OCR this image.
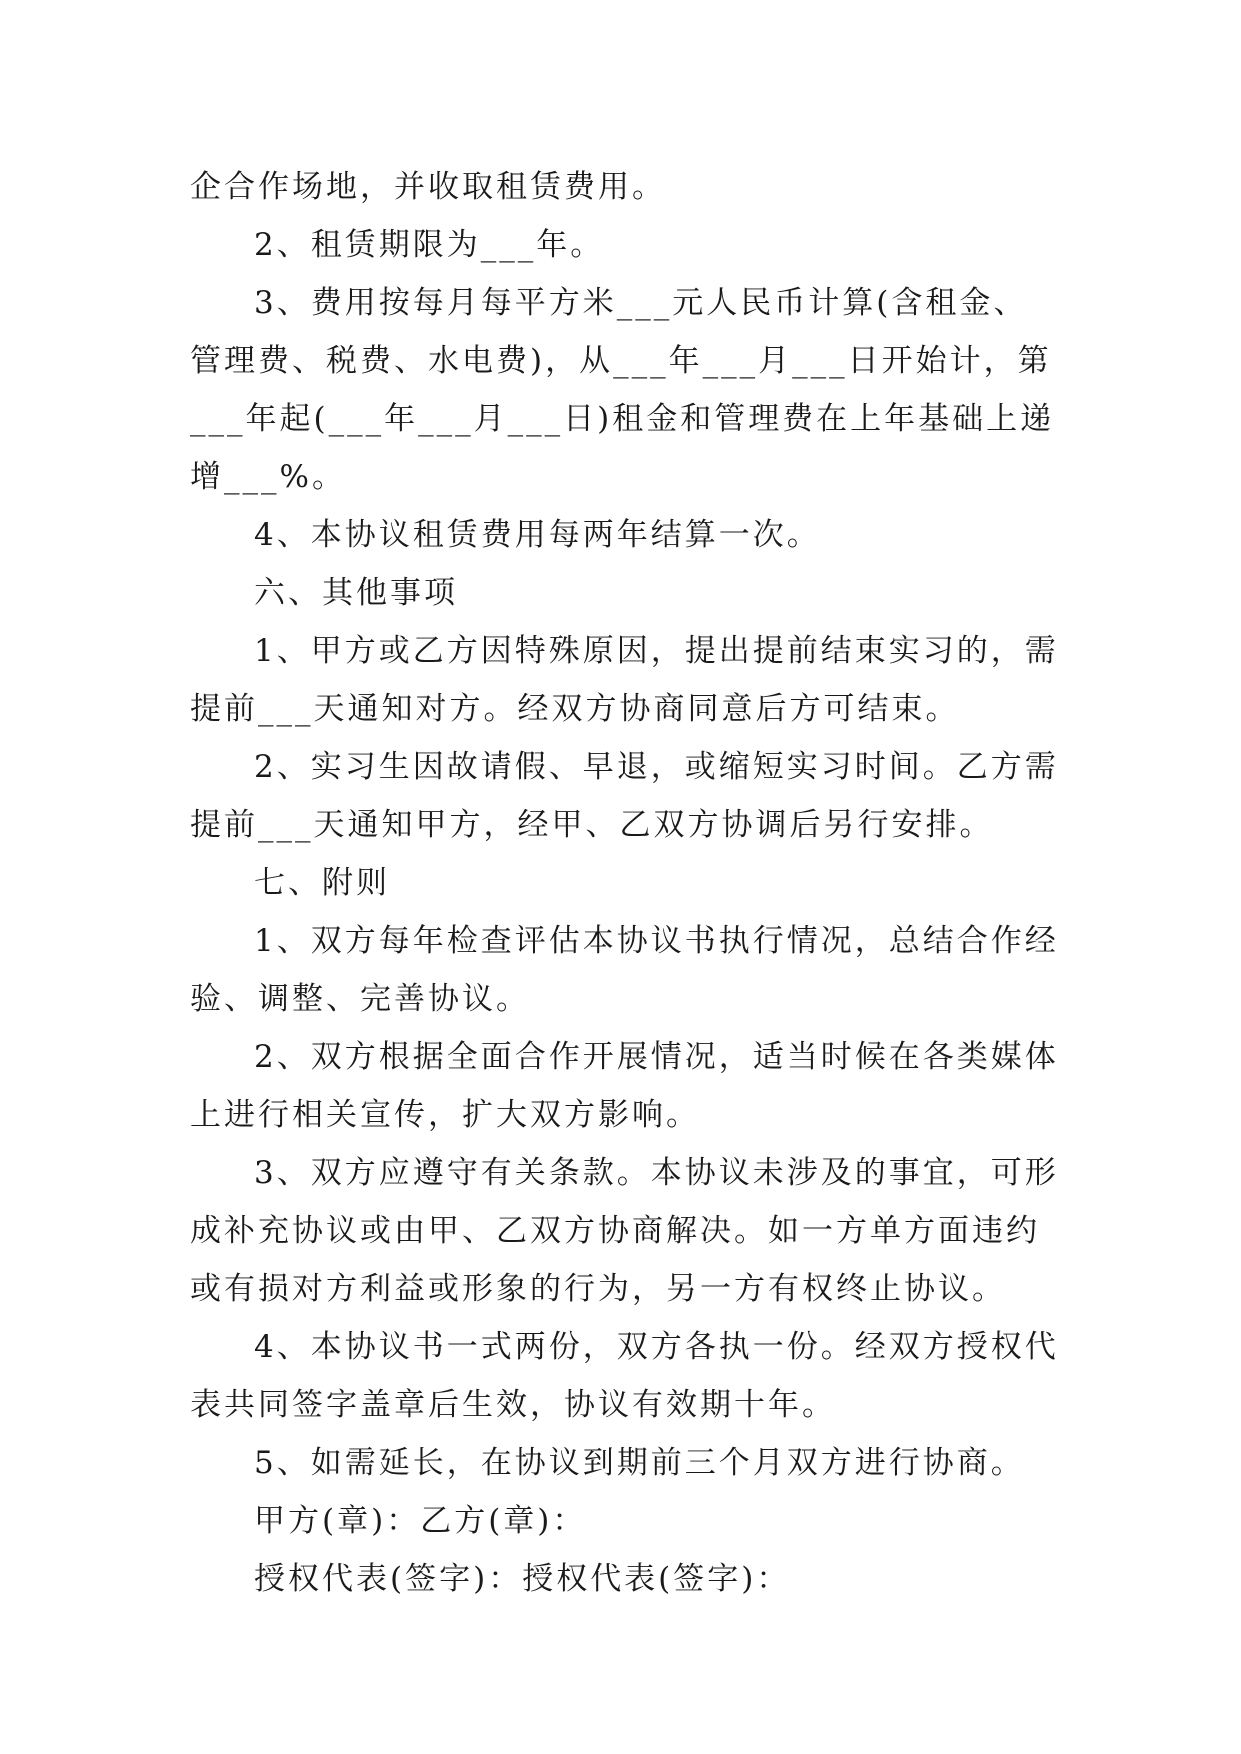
企合作场地，并收取租赁费用。

2、租赁期限为___年。

3、费用按每月每平方米___元人民币计算(含租金、管理费、税费、水电费)，从___年___月___日开始计，第___年起(___年___月___日)租金和管理费在上年基础上递增___%。

4、本协议租赁费用每两年结算一次。

六、其他事项

1、甲方或乙方因特殊原因，提出提前结束实习的，需提前___天通知对方。经双方协商同意后方可结束。

2、实习生因故请假、早退，或缩短实习时间。乙方需提前___天通知甲方，经甲、乙双方协调后另行安排。

七、附则

1、双方每年检查评估本协议书执行情况，总结合作经验、调整、完善协议。

2、双方根据全面合作开展情况，适当时候在各类媒体上进行相关宣传，扩大双方影响。

3、双方应遵守有关条款。本协议未涉及的事宜，可形成补充协议或由甲、乙双方协商解决。如一方单方面违约或有损对方利益或形象的行为，另一方有权终止协议。

4、本协议书一式两份，双方各执一份。经双方授权代表共同签字盖章后生效，协议有效期十年。

5、如需延长，在协议到期前三个月双方进行协商。

甲方(章)：乙方(章)：

授权代表(签字)：授权代表(签字)：
